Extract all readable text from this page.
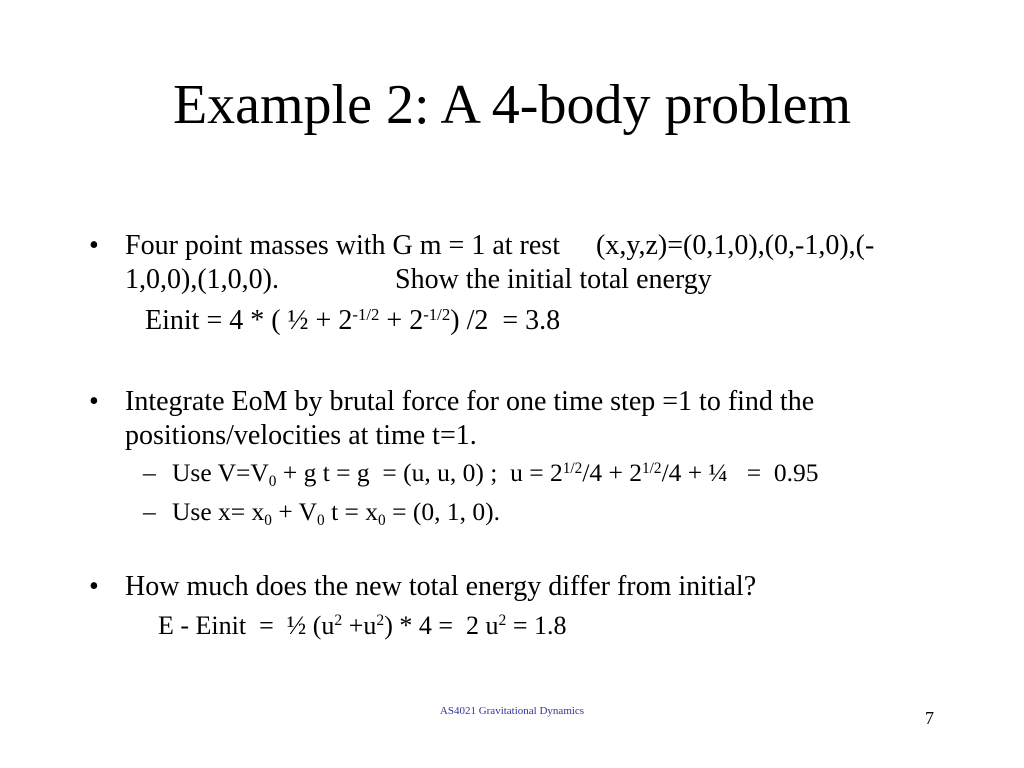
Example 2: A 4-body problem
• Four point masses with G m = 1 at rest (x,y,z)=(0,1,0),(0,-1,0),(-
1,0,0),(1,0,0).	Show the initial total energy
Einit = 4 * ( ½ + 2 -1/2 + 2 -1/2 ) /2  = 3.8
• Integrate EoM by brutal force for one time step =1 to find the
positions/velocities at time t=1.
– Use V=V 0 + g t = g  = (u, u, 0) ;  u = 2 1/2 /4 + 2 1/2 /4 + ¼   =  0.95
– Use x= x 0 + V 0 t = x 0 = (0, 1, 0).
• How much does the new total energy differ from initial?
E - Einit  =  ½ (u 2 +u 2 ) * 4 =  2 u 2 = 1.8
AS4021 Gravitational Dynamics	7
